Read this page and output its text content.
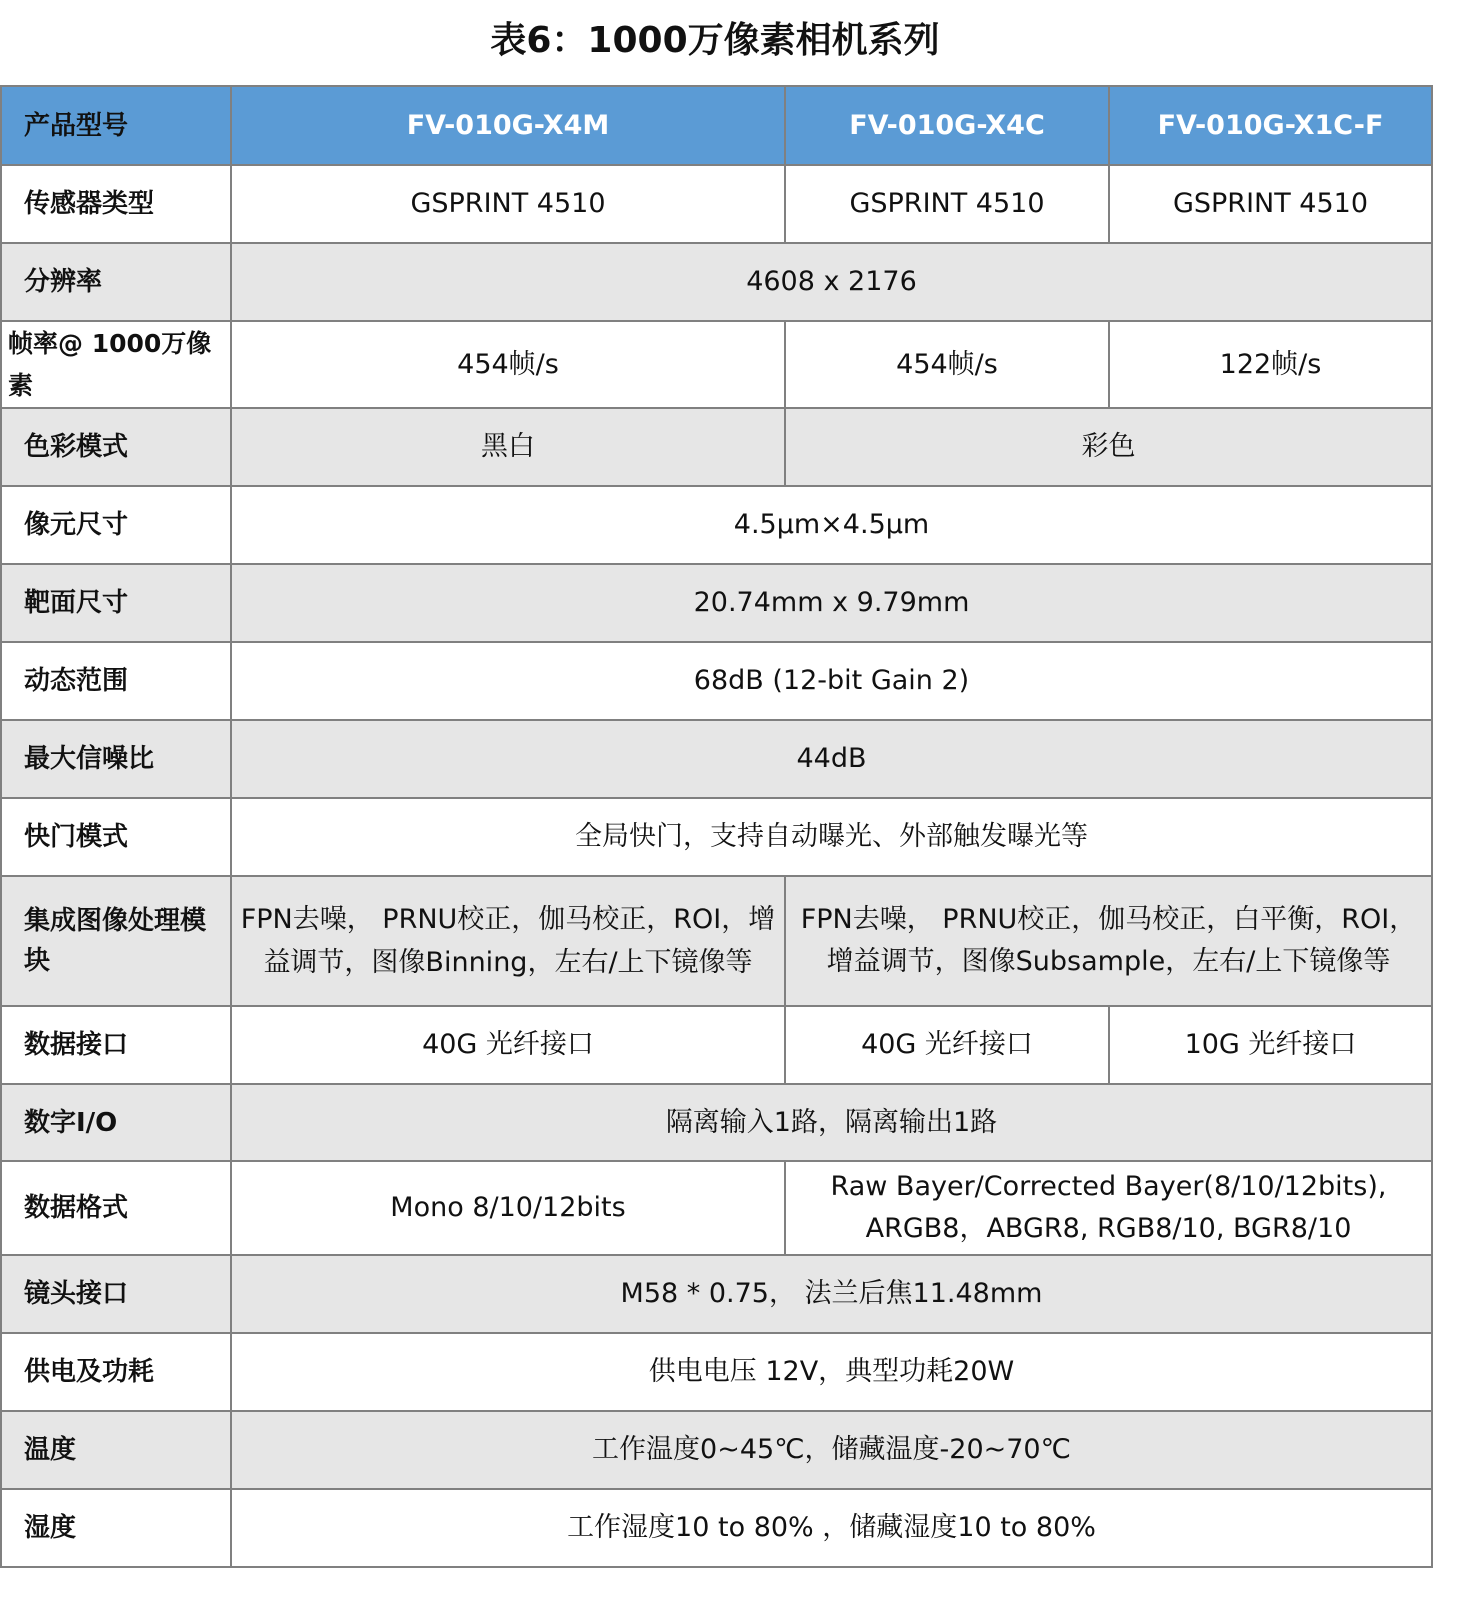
表6：1000万像素相机系列
产品型号	FV-010G-X4M	FV-010G-X4C	FV-010G-X1C-F
传感器类型	GSPRINT 4510	GSPRINT 4510	GSPRINT 4510
分辨率	4608 x 2176		
帧率@ 1000万像素	454帧/s	454帧/s	122帧/s
色彩模式	黑白	彩色	
像元尺寸	4.5μm×4.5μm		
靶面尺寸	20.74mm x 9.79mm		
动态范围	68dB (12-bit Gain 2)		
最大信噪比	44dB		
快门模式	全局快门，支持自动曝光、外部触发曝光等		
集成图像处理模块	FPN去噪， PRNU校正，伽马校正，ROI，增益调节，图像Binning，左右/上下镜像等	FPN去噪， PRNU校正，伽马校正，白平衡，ROI，增益调节，图像Subsample，左右/上下镜像等	
数据接口	40G 光纤接口	40G 光纤接口	10G 光纤接口
数字I/O	隔离输入1路，隔离输出1路		
数据格式	Mono 8/10/12bits	Raw Bayer/Corrected Bayer(8/10/12bits), ARGB8，ABGR8, RGB8/10, BGR8/10	
镜头接口	M58 * 0.75， 法兰后焦11.48mm		
供电及功耗	供电电压 12V，典型功耗20W		
温度	工作温度0~45℃，储藏温度-20~70℃		
湿度	工作湿度10 to 80% ，储藏湿度10 to 80%		
